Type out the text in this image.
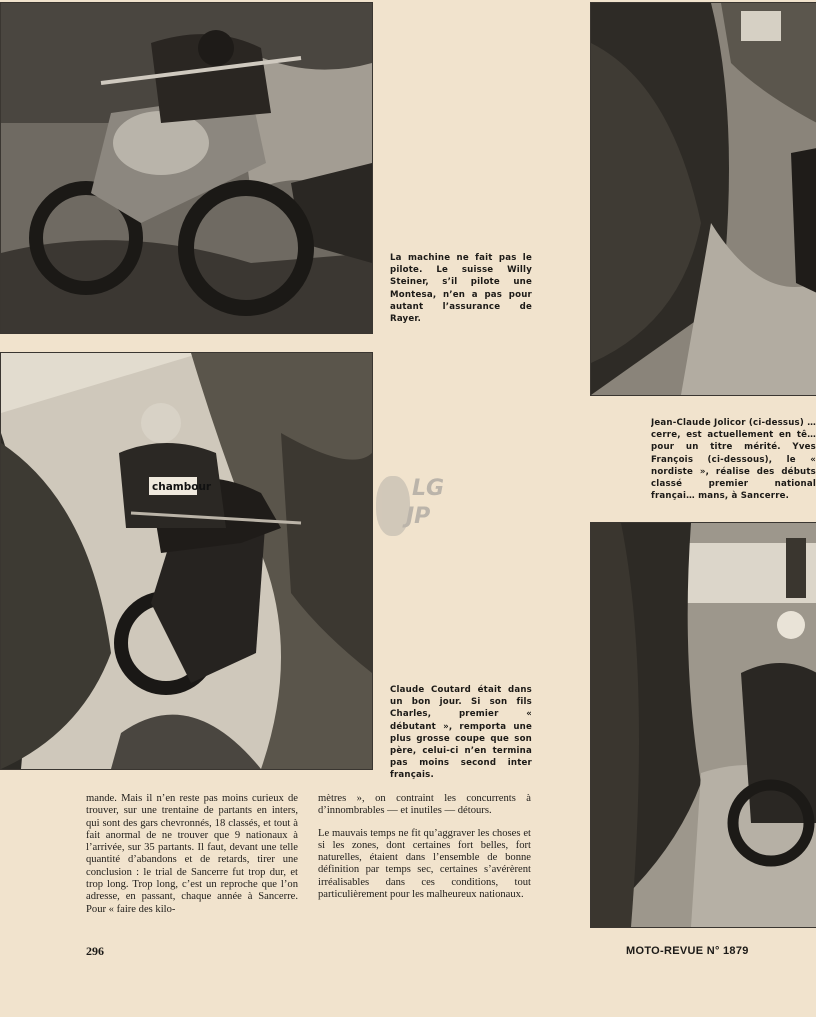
La machine ne fait pas le pilote. Le suisse Willy Steiner, s’il pilote une Montesa, n’en a pas pour autant l’assurance de Rayer.
chambour
Claude Coutard était dans un bon jour. Si son fils Charles, premier « débutant », remporta une plus grosse coupe que son père, celui-ci n’en termina pas moins second inter français.
Jean-Claude Jolicor (ci-dessus) …cerre, est actuellement en tê… pour un titre mérité. Yves François (ci-dessous), le « nordiste », réalise des débuts classé premier national françai… mans, à Sancerre.
LG
JP
mande. Mais il n’en reste pas moins curieux de trouver, sur une trentaine de partants en inters, qui sont des gars chevronnés, 18 classés, et tout à fait anormal de ne trouver que 9 nationaux à l’arrivée, sur 35 partants. Il faut, devant une telle quantité d’abandons et de retards, tirer une conclusion : le trial de Sancerre fut trop dur, et trop long. Trop long, c’est un reproche que l’on adresse, en passant, chaque année à Sancerre. Pour « faire des kilo-
mètres », on contraint les concurrents à d’innombrables — et inutiles — détours.
Le mauvais temps ne fit qu’aggraver les choses et si les zones, dont certaines fort belles, fort naturelles, étaient dans l’ensemble de bonne définition par temps sec, certaines s’avérèrent irréalisables dans ces conditions, tout particulièrement pour les malheureux nationaux.
296	MOTO-REVUE N° 1879
